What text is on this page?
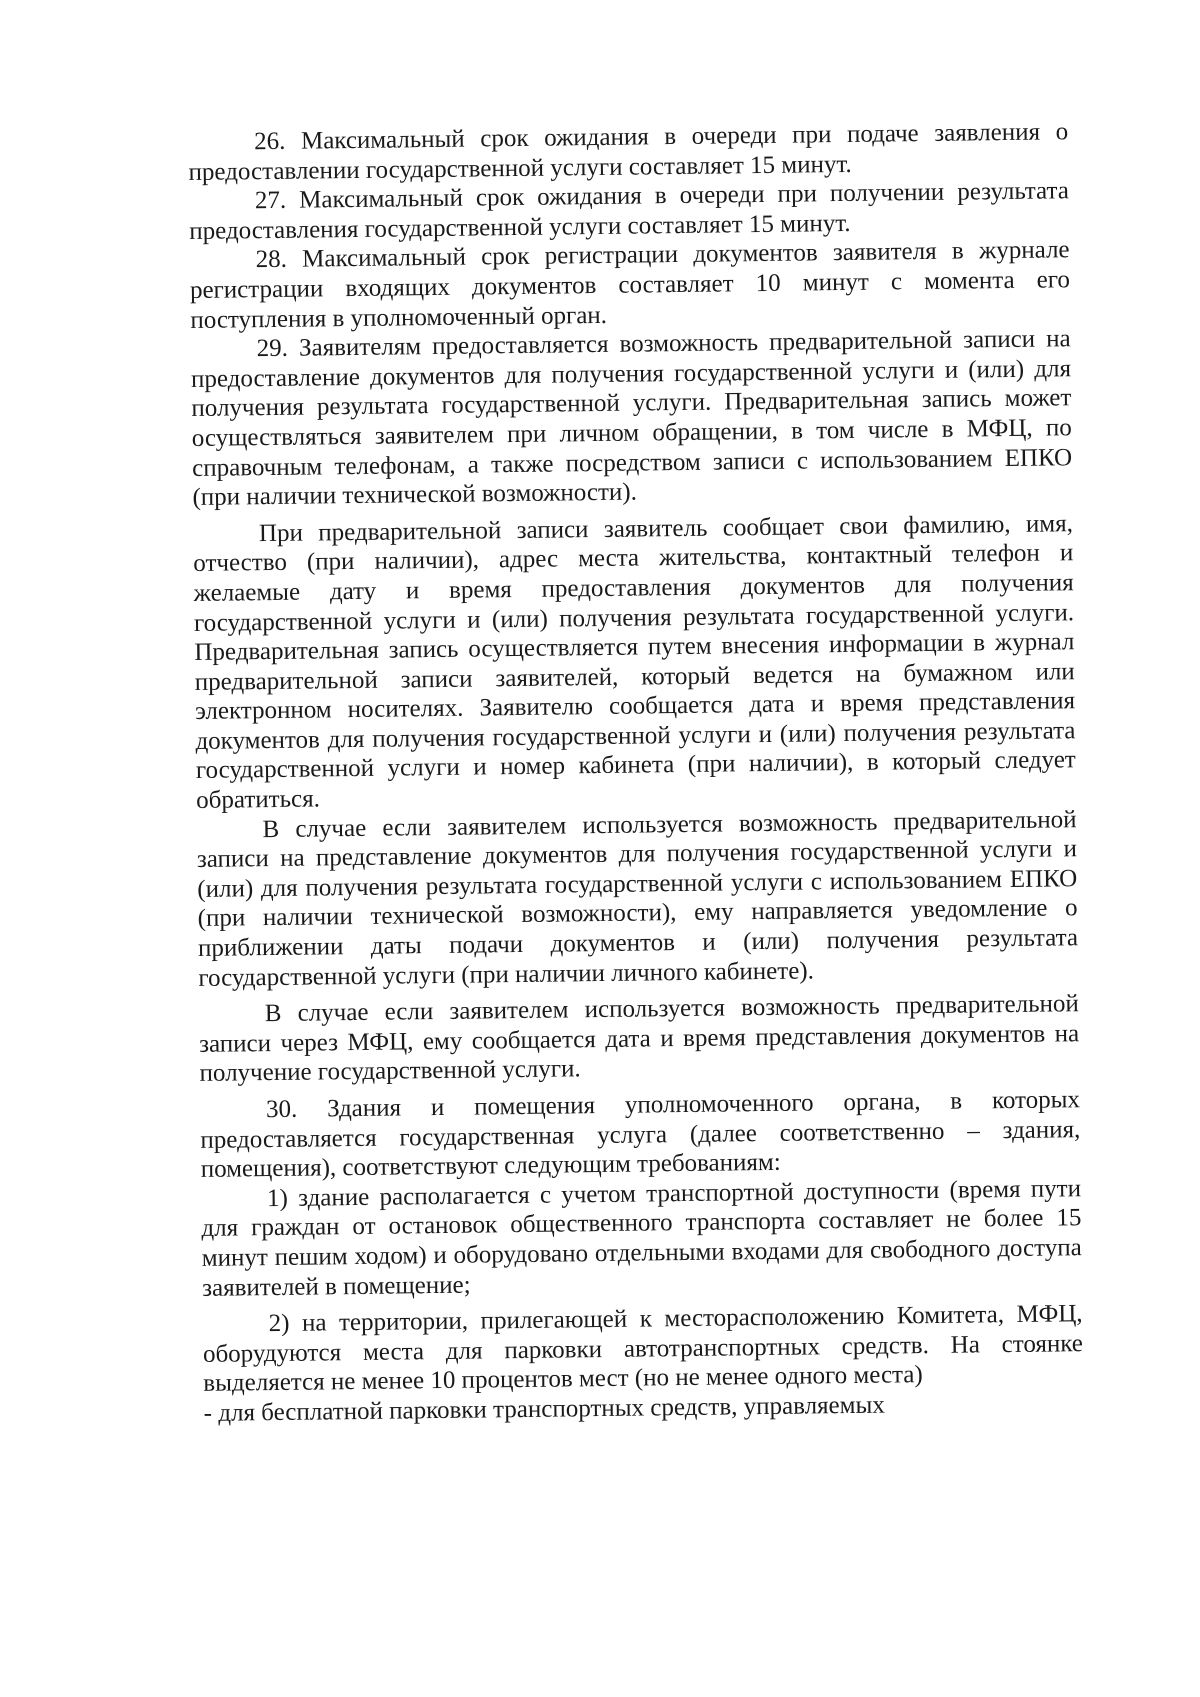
26. Максимальный срок ожидания в очереди при подаче заявления о предоставлении государственной услуги составляет 15 минут.

27. Максимальный срок ожидания в очереди при получении результата предоставления государственной услуги составляет 15 минут.

28. Максимальный срок регистрации документов заявителя в журнале регистрации входящих документов составляет 10 минут с момента его поступления в уполномоченный орган.

29. Заявителям предоставляется возможность предварительной записи на предоставление документов для получения государственной услуги и (или) для получения результата государственной услуги. Предварительная запись может осуществляться заявителем при личном обращении, в том числе в МФЦ, по справочным телефонам, а также посредством записи с использованием ЕПКО (при наличии технической возможности).

При предварительной записи заявитель сообщает свои фамилию, имя, отчество (при наличии), адрес места жительства, контактный телефон и желаемые дату и время предоставления документов для получения государственной услуги и (или) получения результата государственной услуги. Предварительная запись осуществляется путем внесения информации в журнал предварительной записи заявителей, который ведется на бумажном или электронном носителях. Заявителю сообщается дата и время представления документов для получения государственной услуги и (или) получения результата государственной услуги и номер кабинета (при наличии), в который следует обратиться.

В случае если заявителем используется возможность предварительной записи на представление документов для получения государственной услуги и (или) для получения результата государственной услуги с использованием ЕПКО (при наличии технической возможности), ему направляется уведомление о приближении даты подачи документов и (или) получения результата государственной услуги (при наличии личного кабинете).

В случае если заявителем используется возможность предварительной записи через МФЦ, ему сообщается дата и время представления документов на получение государственной услуги.

30. Здания и помещения уполномоченного органа, в которых предоставляется государственная услуга (далее соответственно – здания, помещения), соответствуют следующим требованиям:

1) здание располагается с учетом транспортной доступности (время пути для граждан от остановок общественного транспорта составляет не более 15 минут пешим ходом) и оборудовано отдельными входами для свободного доступа заявителей в помещение;

2) на территории, прилегающей к месторасположению Комитета, МФЦ, оборудуются места для парковки автотранспортных средств. На стоянке выделяется не менее 10 процентов мест (но не менее одного места)

- для бесплатной парковки транспортных средств, управляемых
